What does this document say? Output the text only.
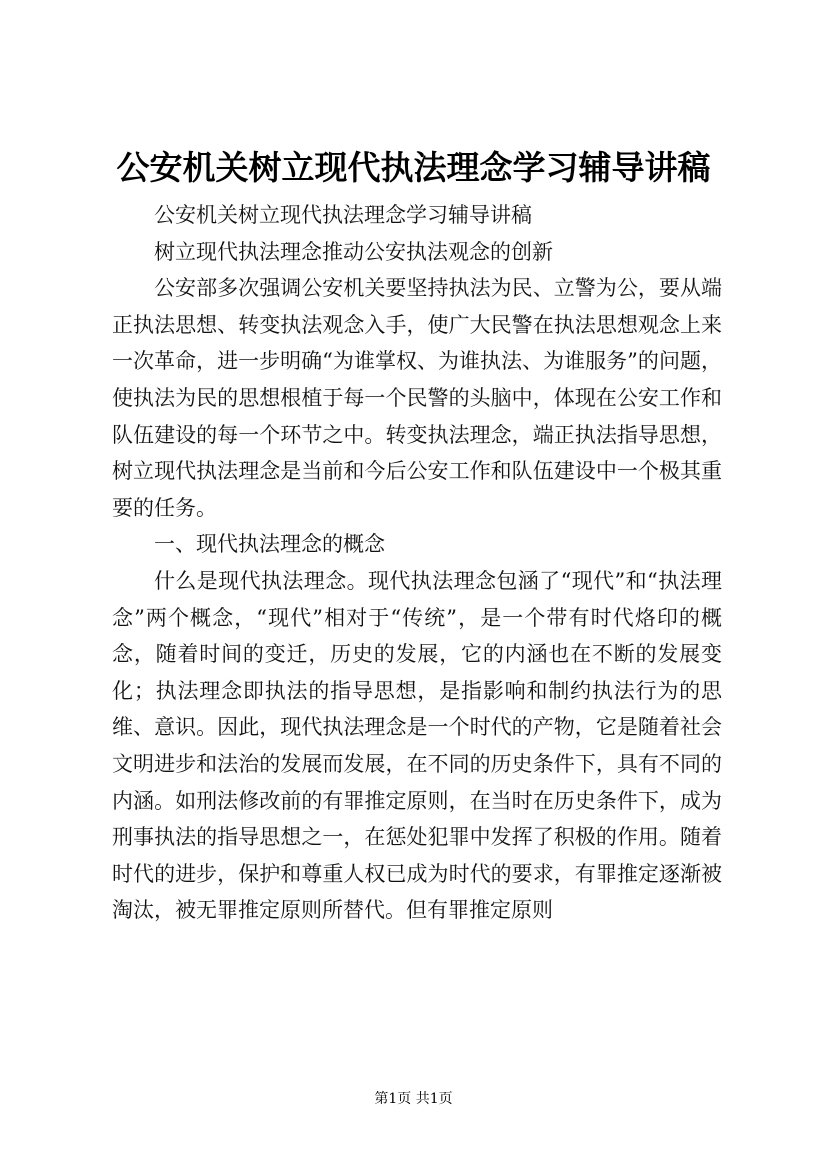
公安机关树立现代执法理念学习辅导讲稿

公安机关树立现代执法理念学习辅导讲稿

树立现代执法理念推动公安执法观念的创新

公安部多次强调公安机关要坚持执法为民、立警为公，要从端正执法思想、转变执法观念入手，使广大民警在执法思想观念上来一次革命，进一步明确“为谁掌权、为谁执法、为谁服务”的问题，使执法为民的思想根植于每一个民警的头脑中，体现在公安工作和队伍建设的每一个环节之中。转变执法理念，端正执法指导思想，树立现代执法理念是当前和今后公安工作和队伍建设中一个极其重要的任务。

一、现代执法理念的概念

什么是现代执法理念。现代执法理念包涵了“现代”和“执法理念”两个概念，“现代”相对于“传统”，是一个带有时代烙印的概念，随着时间的变迁，历史的发展，它的内涵也在不断的发展变化；执法理念即执法的指导思想，是指影响和制约执法行为的思维、意识。因此，现代执法理念是一个时代的产物，它是随着社会文明进步和法治的发展而发展，在不同的历史条件下，具有不同的内涵。如刑法修改前的有罪推定原则，在当时在历史条件下，成为刑事执法的指导思想之一，在惩处犯罪中发挥了积极的作用。随着时代的进步，保护和尊重人权已成为时代的要求，有罪推定逐渐被淘汰，被无罪推定原则所替代。但有罪推定原则

第1页 共1页
